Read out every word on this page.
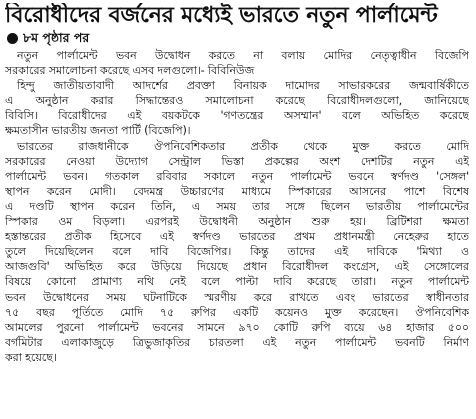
বিরোধীদের বর্জনের মধ্যেই ভারতে নতুন পার্লামেন্ট
৮ম পৃষ্ঠার পর
নতুন পার্লামেন্ট ভবন উদ্বোধন করতে না বলায় মোদির নেতৃত্বাধীন বিজেপি
সরকারের সমালোচনা করেছে এসব দলগুলো।- বিবিনিউজ
হিন্দু জাতীয়তাবাদী আদর্শের প্রবক্তা বিনায়ক দামোদর সাভারকরের জন্মবার্ষিকীতে
এ অনুষ্ঠান করার সিদ্ধান্তেরও সমালোচনা করেছে বিরোধীদলগুলো, জানিয়েছে
বিবিসি। বিরোধীদের এই বয়কটকে 'গণতন্ত্রের অসম্মান' বলে অভিহিত করেছে
ক্ষমতাসীন ভারতীয় জনতা পার্টি (বিজেপি)।
ভারতের রাজধানীকে ঔপনিবেশিকতার প্রতীক থেকে মুক্ত করতে মোদি
সরকারের নেওয়া উদ্যোগ সেন্ট্রাল ভিস্তা প্রকল্পের অংশ দেশটির নতুন এই
পার্লামেন্ট ভবন। গতকাল রবিবার সকালে নতুন পার্লামেন্ট ভবনে স্বর্ণদণ্ড 'সেঙ্গল'
স্থাপন করেন মোদী। বেদমন্ত্র উচ্চারণের মাধ্যমে স্পিকারের আসনের পাশে বিশেষ
এ দণ্ডটি স্থাপন করেন তিনি, এ সময় তার সঙ্গে ছিলেন ভারতীয় পার্লামেন্টের
স্পিকার ওম বিড়লা। এরপরই উদ্বোধনী অনুষ্ঠান শুরু হয়। ব্রিটিশরা ক্ষমতা
হস্তান্তরের প্রতীক হিসেবে এই স্বর্ণদণ্ড ভারতের প্রথম প্রধানমন্ত্রী নেহেরুর হাতে
তুলে দিয়েছিলেন বলে দাবি বিজেপির। কিন্তু তাদের এই দাবিকে 'মিথ্যা ও
আজগুবি' অভিহিত করে উড়িয়ে দিয়েছে প্রধান বিরোধীদল কংগ্রেস, এই সেঙ্গোলের
বিষয়ে কোনো প্রামাণ্য নথি নেই বলে পাল্টা দাবি করেছে তারা। নতুন পার্লামেন্ট
ভবন উদ্বোধনের সময় ঘটনাটিকে স্মরণীয় করে রাখতে এবং ভারতের স্বাধীনতার
৭৫ বছর পূর্তিতে মোদি ৭৫ রুপির একটি কয়েনও মুক্ত করেছেন। ঔপনিবেশিক
আমলের পুরনো পার্লামেন্ট ভবনের সামনে ৯৭০ কোটি রুপি ব্যয়ে ৬৪ হাজার ৫০০
বর্গমিটার এলাকাজুড়ে ত্রিভুজাকৃতির চারতলা এই নতুন পার্লামেন্ট ভবনটি নির্মাণ
করা হয়েছে।
